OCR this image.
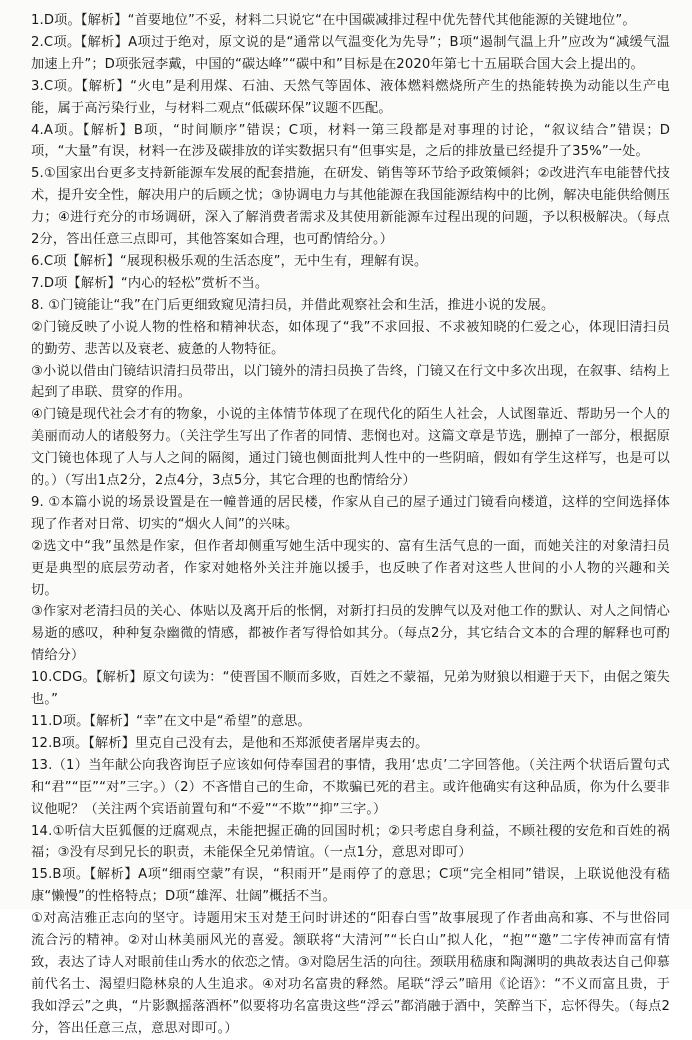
1.D项。【解析】“首要地位”不妥，材料二只说它“在中国碳减排过程中优先替代其他能源的关键地位”。

2.C项。【解析】A项过于绝对，原文说的是“通常以气温变化为先导”；B项“遏制气温上升”应改为“减缓气温加速上升”；D项张冠李戴，中国的“碳达峰”“碳中和”目标是在2020年第七十五届联合国大会上提出的。

3.C项。【解析】“火电”是利用煤、石油、天然气等固体、液体燃料燃烧所产生的热能转换为动能以生产电能，属于高污染行业，与材料二观点“低碳环保”议题不匹配。

4.A项。【解析】B项，“时间顺序”错误；C项，材料一第三段都是对事理的讨论，“叙议结合”错误；D项，“大量”有误，材料一在涉及碳排放的详实数据只有“但事实是，之后的排放量已经提升了35%”一处。

5.①国家出台更多支持新能源车发展的配套措施，在研发、销售等环节给予政策倾斜；②改进汽车电能替代技术，提升安全性，解决用户的后顾之忧；③协调电力与其他能源在我国能源结构中的比例，解决电能供给侧压力；④进行充分的市场调研，深入了解消费者需求及其使用新能源车过程出现的问题，予以积极解决。（每点2分，答出任意三点即可，其他答案如合理，也可酌情给分。）

6.C项【解析】“展现积极乐观的生活态度”，无中生有，理解有误。

7.D项【解析】“内心的轻松”赏析不当。

8. ①门镜能让“我”在门后更细致窥见清扫员，并借此观察社会和生活，推进小说的发展。

②门镜反映了小说人物的性格和精神状态，如体现了“我”不求回报、不求被知晓的仁爱之心，体现旧清扫员的勤劳、悲苦以及衰老、疲惫的人物特征。

③小说以借由门镜结识清扫员带出，以门镜外的清扫员换了告终，门镜又在行文中多次出现，在叙事、结构上起到了串联、贯穿的作用。

④门镜是现代社会才有的物象，小说的主体情节体现了在现代化的陌生人社会，人试图靠近、帮助另一个人的美丽而动人的诸般努力。（关注学生写出了作者的同情、悲悯也对。这篇文章是节选，删掉了一部分，根据原文门镜也体现了人与人之间的隔阂，通过门镜也侧面批判人性中的一些阴暗，假如有学生这样写，也是可以的。）（写出1点2分，2点4分，3点5分，其它合理的也酌情给分）

9. ①本篇小说的场景设置是在一幢普通的居民楼，作家从自己的屋子通过门镜看向楼道，这样的空间选择体现了作者对日常、切实的“烟火人间”的兴味。

②选文中“我”虽然是作家，但作者却侧重写她生活中现实的、富有生活气息的一面，而她关注的对象清扫员更是典型的底层劳动者，作家对她格外关注并施以援手，也反映了作者对这些人世间的小人物的兴趣和关切。

③作家对老清扫员的关心、体贴以及离开后的怅惘，对新打扫员的发脾气以及对他工作的默认、对人之间情心易逝的感叹，种种复杂幽微的情感，都被作者写得恰如其分。（每点2分，其它结合文本的合理的解释也可酌情给分）

10.CDG。【解析】原文句读为：“使晋国不顺而多败，百姓之不蒙福，兄弟为财狼以相避于天下，由倨之策失也。”

11.D项。【解析】“幸”在文中是“希望”的意思。

12.B项。【解析】里克自己没有去，是他和丕郑派使者屠岸夷去的。

13.（1）当年献公向我咨询臣子应该如何侍奉国君的事情，我用‘忠贞’二字回答他。（关注两个状语后置句式和“君”“臣”“对”三字。）（2）不吝惜自己的生命，不欺骗已死的君主。或许他确实有这种品质，你为什么要非议他呢？（关注两个宾语前置句和“不爱”“不欺”“抑”三字。）

14.①听信大臣狐偃的迂腐观点，未能把握正确的回国时机；②只考虑自身利益，不顾社稷的安危和百姓的祸福；③没有尽到兄长的职责，未能保全兄弟情谊。（一点1分，意思对即可）

15.B项。【解析】A项“细雨空蒙”有误，“积雨开”是雨停了的意思；C项“完全相同”错误，上联说他没有嵇康“懒慢”的性格特点；D项“雄浑、壮阔”概括不当。

①对高洁雅正志向的坚守。诗题用宋玉对楚王问时讲述的“阳春白雪”故事展现了作者曲高和寡、不与世俗同流合污的精神。②对山林美丽风光的喜爱。颔联将“大清河”“长白山”拟人化，“抱”“邀”二字传神而富有情致，表达了诗人对眼前佳山秀水的依恋之情。③对隐居生活的向往。颈联用嵇康和陶渊明的典故表达自己仰慕前代名士、渴望归隐林泉的人生追求。④对功名富贵的释然。尾联“浮云”暗用《论语》：“不义而富且贵，于我如浮云”之典，“片影飘摇落酒杯”似要将功名富贵这些“浮云”都消融于酒中，笑醉当下，忘怀得失。（每点2分，答出任意三点，意思对即可。）
